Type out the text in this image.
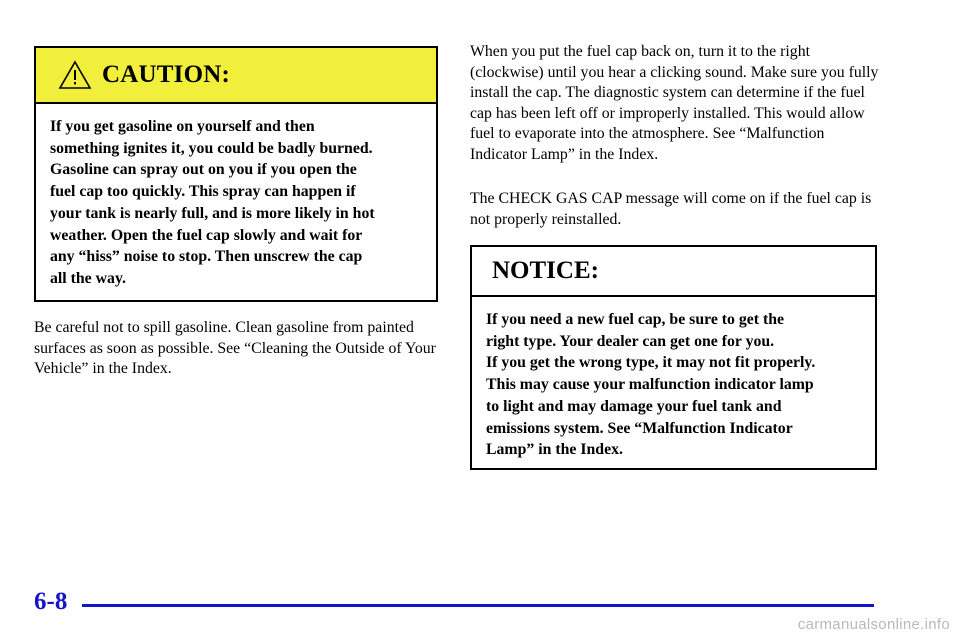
CAUTION:
If you get gasoline on yourself and then
something ignites it, you could be badly burned.
Gasoline can spray out on you if you open the
fuel cap too quickly. This spray can happen if
your tank is nearly full, and is more likely in hot
weather. Open the fuel cap slowly and wait for
any “hiss” noise to stop. Then unscrew the cap
all the way.

Be careful not to spill gasoline. Clean gasoline from painted surfaces as soon as possible. See “Cleaning the Outside of Your Vehicle” in the Index.

When you put the fuel cap back on, turn it to the right (clockwise) until you hear a clicking sound. Make sure you fully install the cap. The diagnostic system can determine if the fuel cap has been left off or improperly installed. This would allow fuel to evaporate into the atmosphere. See “Malfunction Indicator Lamp” in the Index.

The CHECK GAS CAP message will come on if the fuel cap is not properly reinstalled.

NOTICE:
If you need a new fuel cap, be sure to get the
right type. Your dealer can get one for you.
If you get the wrong type, it may not fit properly.
This may cause your malfunction indicator lamp
to light and may damage your fuel tank and
emissions system. See “Malfunction Indicator
Lamp” in the Index.
6-8
carmanualsonline.info
